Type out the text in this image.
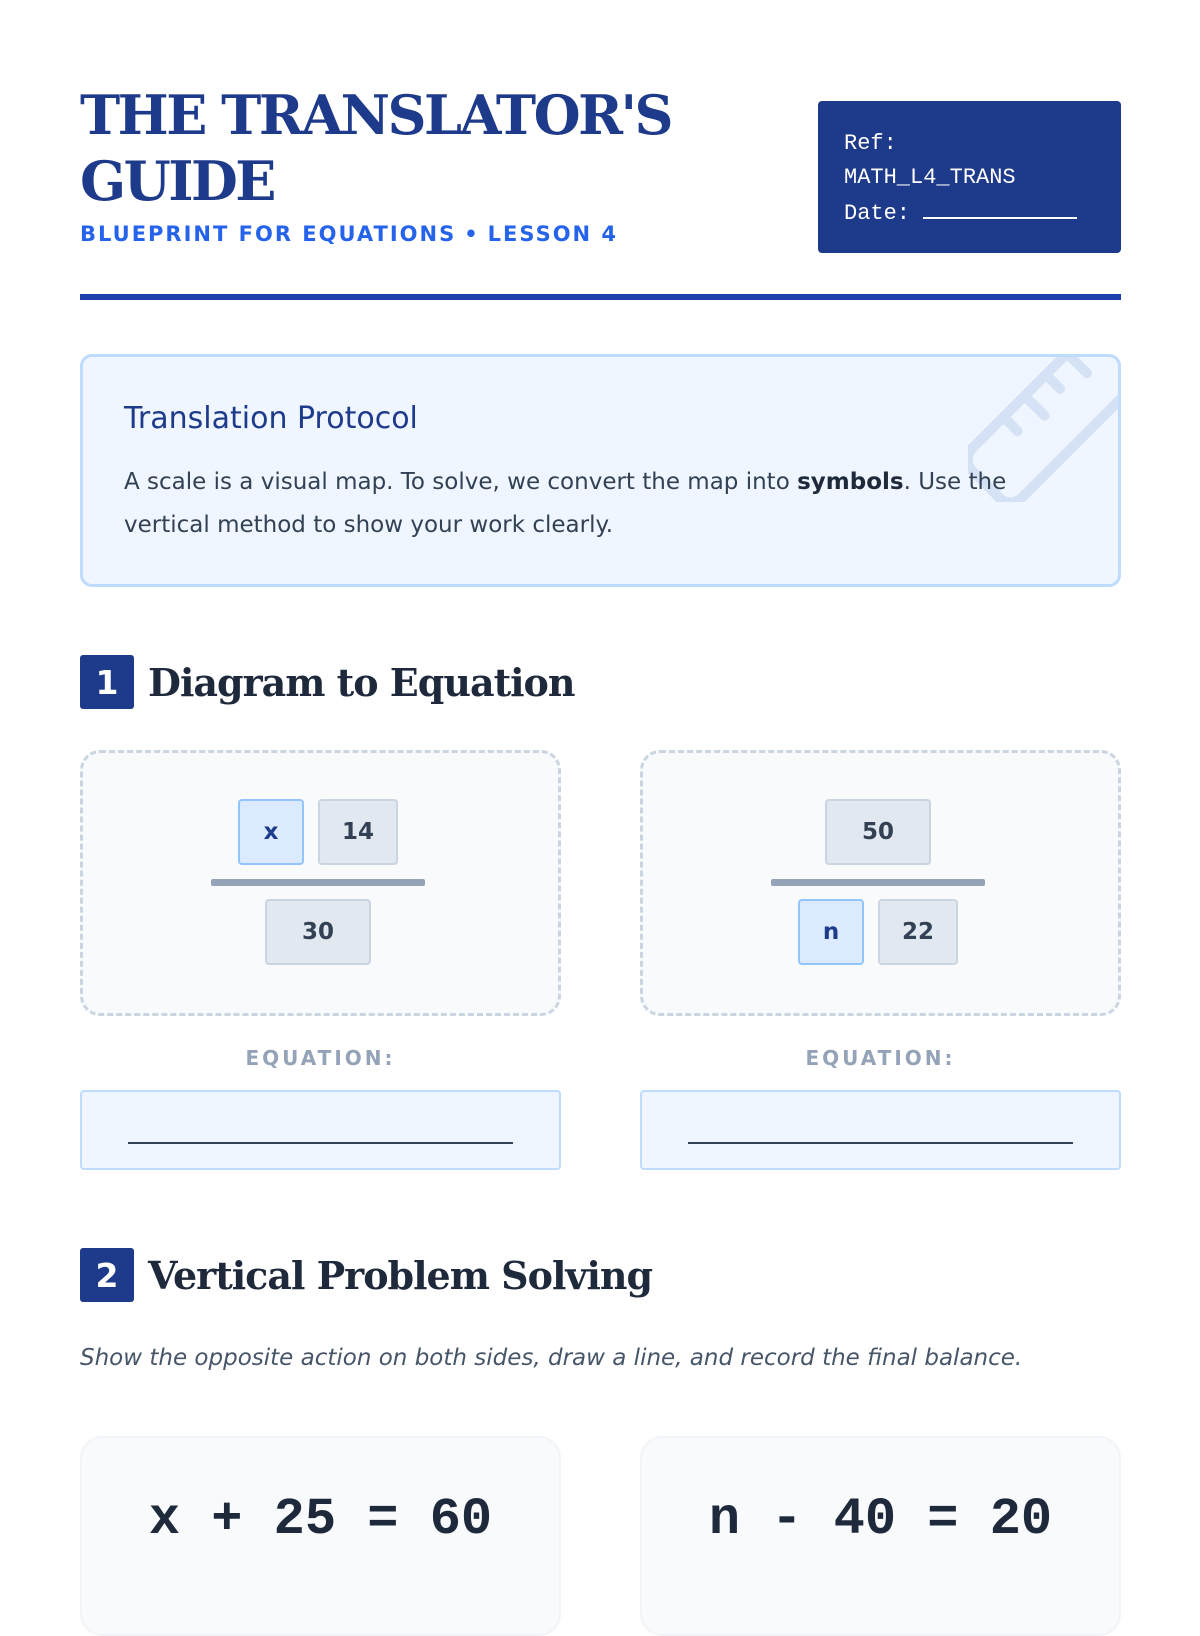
THE TRANSLATOR'S
GUIDE
BLUEPRINT FOR EQUATIONS • LESSON 4
Ref:
MATH_L4_TRANS
Date:
Translation Protocol

A scale is a visual map. To solve, we convert the map into symbols. Use the vertical method to show your work clearly.

1 Diagram to Equation
x	14
30
50
n	22
EQUATION:	EQUATION:
2 Vertical Problem Solving

Show the opposite action on both sides, draw a line, and record the final balance.

x + 25 = 60	n - 40 = 20
